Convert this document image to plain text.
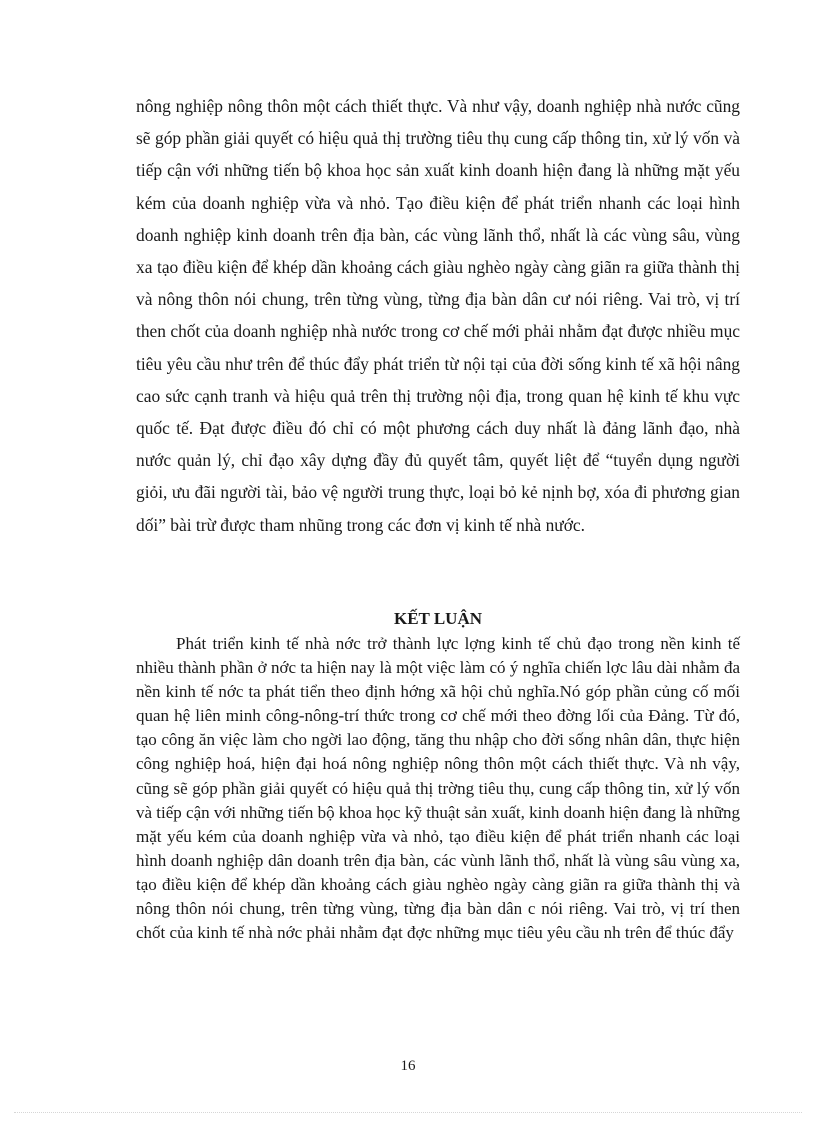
nông nghiệp nông thôn một cách thiết thực. Và như vậy, doanh nghiệp nhà nước cũng sẽ góp phần giải quyết có hiệu quả thị trường tiêu thụ cung cấp thông tin, xử lý vốn và tiếp cận với những tiến bộ khoa học sản xuất kinh doanh hiện đang là những mặt yếu kém của doanh nghiệp vừa và nhỏ. Tạo điều kiện để phát triển nhanh các loại hình doanh nghiệp kinh doanh trên địa bàn, các vùng lãnh thổ, nhất là các vùng sâu, vùng xa tạo điều kiện để khép dần khoảng cách giàu nghèo ngày càng giãn ra giữa thành thị và nông thôn nói chung, trên từng vùng, từng địa bàn dân cư nói riêng. Vai trò, vị trí then chốt của doanh nghiệp nhà nước trong cơ chế mới phải nhằm đạt được nhiều mục tiêu yêu cầu như trên để thúc đẩy phát triển từ nội tại của đời sống kinh tế xã hội nâng cao sức cạnh tranh và hiệu quả trên thị trường nội địa, trong quan hệ kinh tế khu vực quốc tế. Đạt được điều đó chỉ có một phương cách duy nhất là đảng lãnh đạo, nhà nước quản lý, chỉ đạo xây dựng đầy đủ quyết tâm, quyết liệt để “tuyển dụng người giỏi, ưu đãi người tài, bảo vệ người trung thực, loại bỏ kẻ nịnh bợ, xóa đi phương gian dối” bài trừ được tham nhũng trong các đơn vị kinh tế nhà nước.

KẾT LUẬN

Phát triển kinh tế nhà nớc trở thành lực lợng kinh tế chủ đạo trong nền kinh tế nhiều thành phần ở nớc ta hiện nay là một việc làm có ý nghĩa chiến lợc lâu dài nhằm đa nền kinh tế nớc ta phát tiển theo định hớng xã hội chủ nghĩa.Nó góp phần củng cố mối quan hệ liên minh công-nông-trí thức trong cơ chế mới theo đờng lối của Đảng. Từ đó, tạo công ăn việc làm cho ngời lao động, tăng thu nhập cho đời sống nhân dân, thực hiện công nghiệp hoá, hiện đại hoá nông nghiệp nông thôn một cách thiết thực. Và nh vậy, cũng sẽ góp phần giải quyết có hiệu quả thị trờng tiêu thụ, cung cấp thông tin, xử lý vốn và tiếp cận với những tiến bộ khoa học kỹ thuật sản xuất, kinh doanh hiện đang là những mặt yếu kém của doanh nghiệp vừa và nhỏ, tạo điều kiện để phát triển nhanh các loại hình doanh nghiệp dân doanh trên địa bàn, các vùnh lãnh thổ, nhất là vùng sâu vùng xa, tạo điều kiện để khép dần khoảng cách giàu nghèo ngày càng giãn ra giữa thành thị và nông thôn nói chung, trên từng vùng, từng địa bàn dân c nói riêng. Vai trò, vị trí then chốt của kinh tế nhà nớc phải nhằm đạt đợc những mục tiêu yêu cầu nh trên để thúc đẩy

16
